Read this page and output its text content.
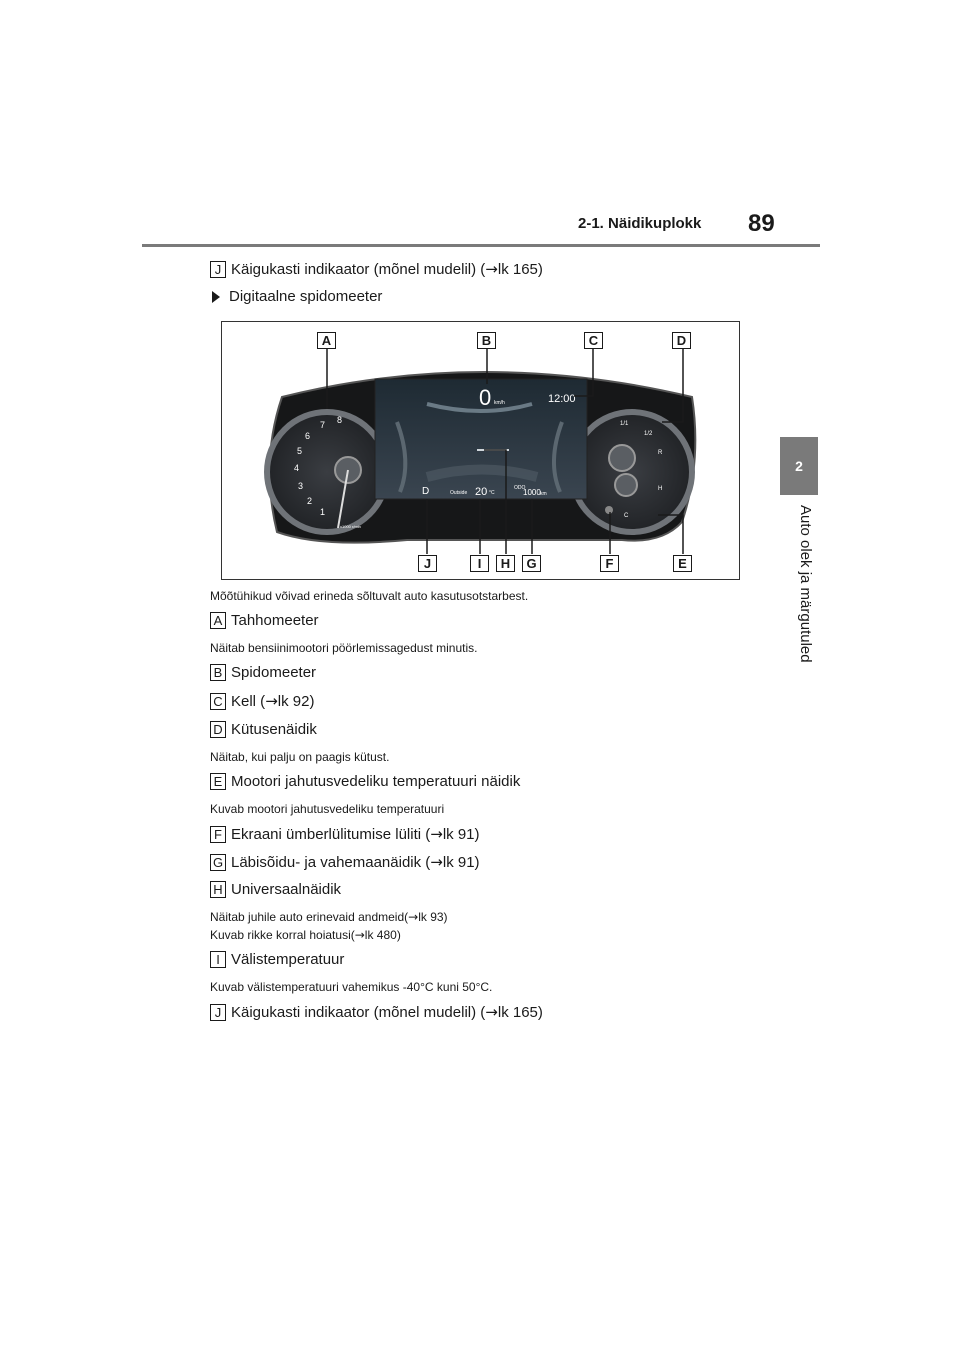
2-1. Näidikuplokk 89
2
Auto olek ja märgutuled
J Käigukasti indikaator (mõnel mudelil) ( → lk 165)
Digitaalne spidomeeter
0 km/h	12:00
D	Outside 20 °C
ODO
1000 km
1
2
3
4
5
6
7 8
x1000 r/min
1/1
1/2
R
H
C
A	B	C	D
J	I	H	G	F	E
Mõõtühikud võivad erineda sõltuvalt auto kasutusotstarbest.
A Tahhomeeter
Näitab bensiinimootori pöörlemissagedust minutis.
B Spidomeeter
C Kell ( → lk 92)
D Kütusenäidik
Näitab, kui palju on paagis kütust.
E Mootori jahutusvedeliku temperatuuri näidik
Kuvab mootori jahutusvedeliku temperatuuri
F Ekraani ümberlülitumise lüliti ( → lk 91)
G Läbisõidu- ja vahemaanäidik ( → lk 91)
H Universaalnäidik
Näitab juhile auto erinevaid andmeid(→lk 93)
Kuvab rikke korral hoiatusi(→lk 480)
I Välistemperatuur
Kuvab välistemperatuuri vahemikus -40°C kuni 50°C.
J Käigukasti indikaator (mõnel mudelil) ( → lk 165)
